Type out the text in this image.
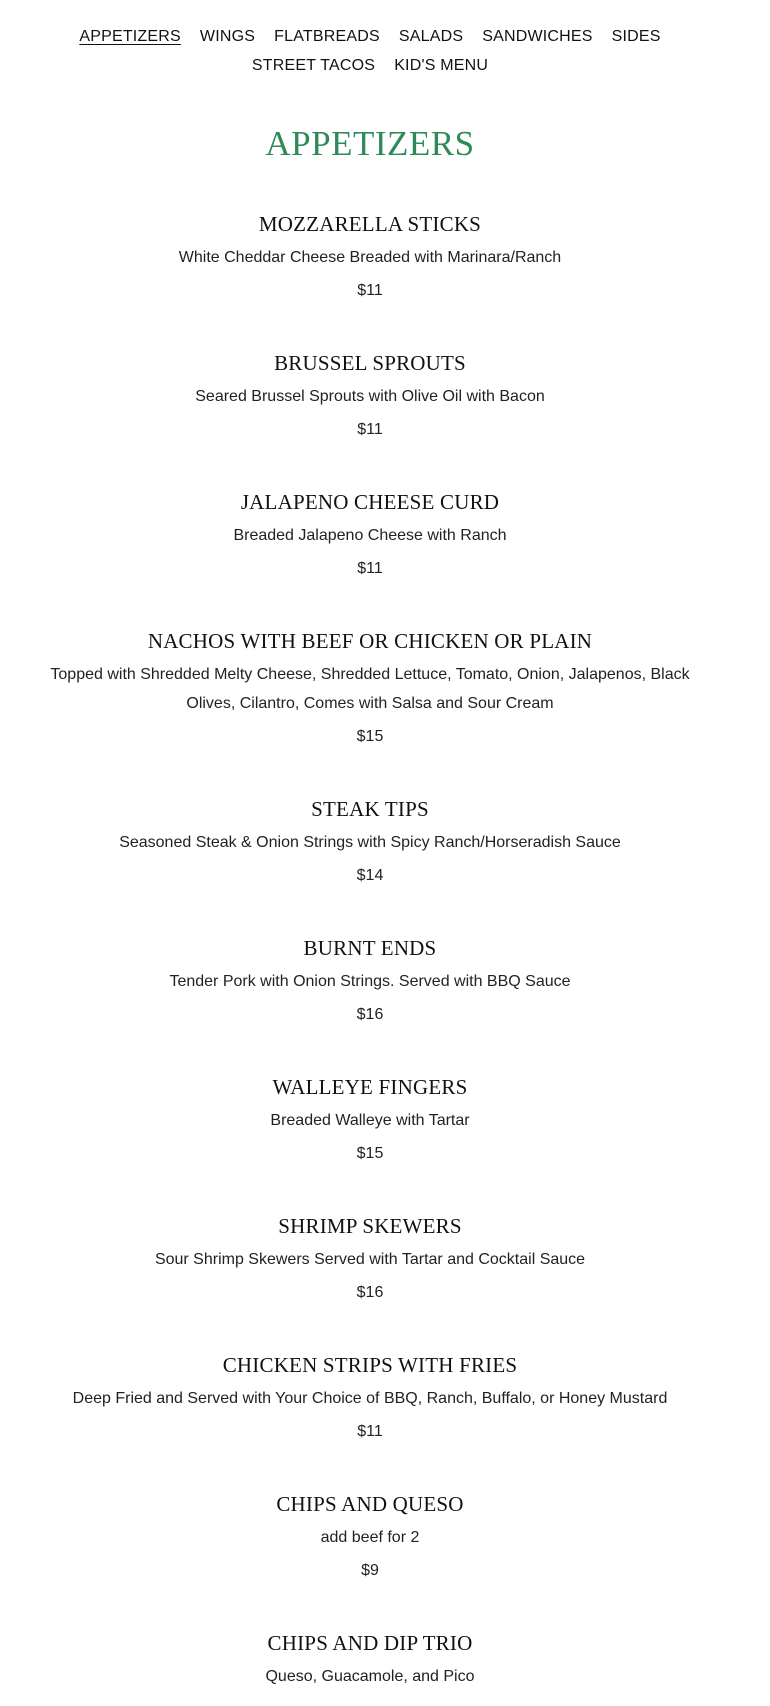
APPETIZERS WINGS FLATBREADS SALADS SANDWICHES SIDES
STREET TACOS KID'S MENU
APPETIZERS
MOZZARELLA STICKS
White Cheddar Cheese Breaded with Marinara/Ranch
$11
BRUSSEL SPROUTS
Seared Brussel Sprouts with Olive Oil with Bacon
$11
JALAPENO CHEESE CURD
Breaded Jalapeno Cheese with Ranch
$11
NACHOS WITH BEEF OR CHICKEN OR PLAIN
Topped with Shredded Melty Cheese, Shredded Lettuce, Tomato, Onion, Jalapenos, Black Olives, Cilantro, Comes with Salsa and Sour Cream
$15
STEAK TIPS
Seasoned Steak & Onion Strings with Spicy Ranch/Horseradish Sauce
$14
BURNT ENDS
Tender Pork with Onion Strings. Served with BBQ Sauce
$16
WALLEYE FINGERS
Breaded Walleye with Tartar
$15
SHRIMP SKEWERS
Sour Shrimp Skewers Served with Tartar and Cocktail Sauce
$16
CHICKEN STRIPS WITH FRIES
Deep Fried and Served with Your Choice of BBQ, Ranch, Buffalo, or Honey Mustard
$11
CHIPS AND QUESO
add beef for 2
$9
CHIPS AND DIP TRIO
Queso, Guacamole, and Pico
